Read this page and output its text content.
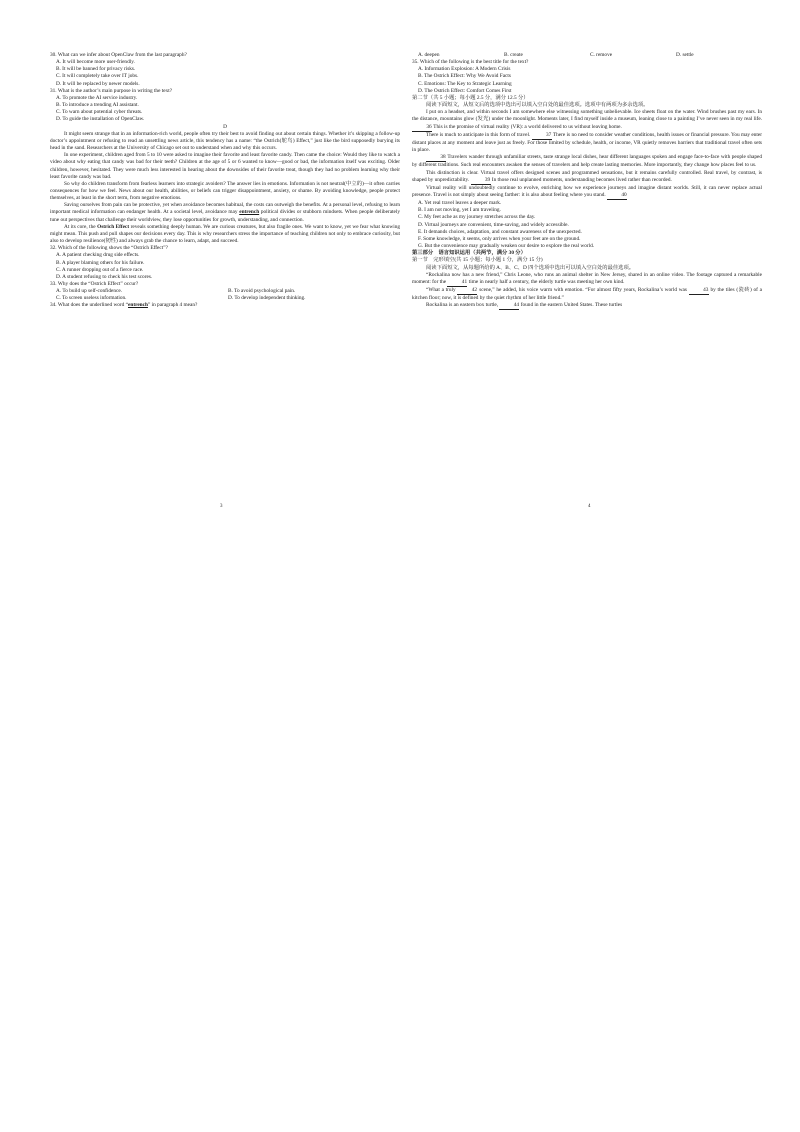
30. What can we infer about OpenClaw from the last paragraph?

A. It will become more user-friendly.

B. It will be banned for privacy risks.

C. It will completely take over IT jobs.

D. It will be replaced by newer models.

31. What is the author’s main purpose in writing the text?

A. To promote the AI service industry.

B. To introduce a trending AI assistant.

C. To warn about potential cyber threats.

D. To guide the installation of OpenClaw.

D

It might seem strange that in an information-rich world, people often try their best to avoid finding out about certain things. Whether it’s skipping a follow-up doctor’s appointment or refusing to read an unsettling news article, this tendency has a name: “the Ostrich(鸵鸟) Effect,” just like the bird supposedly burying its head in the sand. Researchers at the University of Chicago set out to understand when and why this occurs.

In one experiment, children aged from 5 to 10 were asked to imagine their favorite and least favorite candy. Then came the choice: Would they like to watch a video about why eating that candy was bad for their teeth? Children at the age of 5 or 6 wanted to know—good or bad, the information itself was exciting. Older children, however, hesitated. They were much less interested in hearing about the downsides of their favorite treat, though they had no problem learning why their least favorite candy was bad.

So why do children transform from fearless learners into strategic avoiders? The answer lies in emotions. Information is not neutral(中立的)—it often carries consequences for how we feel. News about our health, abilities, or beliefs can trigger disappointment, anxiety, or shame. By avoiding knowledge, people protect themselves, at least in the short term, from negative emotions.

Saving ourselves from pain can be protective, yet when avoidance becomes habitual, the costs can outweigh the benefits. At a personal level, refusing to learn important medical information can endanger health. At a societal level, avoidance may entrench political divides or stubborn mindsets. When people deliberately tune out perspectives that challenge their worldview, they lose opportunities for growth, understanding, and connection.

At its core, the Ostrich Effect reveals something deeply human. We are curious creatures, but also fragile ones. We want to know, yet we fear what knowing might mean. This push and pull shapes our decisions every day. This is why researchers stress the importance of teaching children not only to embrace curiosity, but also to develop resilience(韧性) and always grab the chance to learn, adapt, and succeed.

32. Which of the following shows the “Ostrich Effect”?

A. A patient checking drug side effects.

B. A player blaming others for his failure.

C. A runner dropping out of a fierce race.

D. A student refusing to check his test scores.

33. Why does the “Ostrich Effect” occur?

A. To build up self-confidence.	B. To avoid psychological pain.
C. To screen useless information.	D. To develop independent thinking.

34. What does the underlined word “entrench” in paragraph 4 mean?

3
A. deepen	B. create	C. remove	D. settle

35. Which of the following is the best title for the text?

A. Information Explosion: A Modern Crisis

B. The Ostrich Effect: Why We Avoid Facts

C. Emotions: The Key to Strategic Learning

D. The Ostrich Effect: Comfort Comes First

第二节（共 5 小题；每小题 2.5 分，满分 12.5 分）

阅读下面短文，从短文后的选项中选出可以填入空白处的最佳选项。选项中有两项为多余选项。

I put on a headset, and within seconds I am somewhere else witnessing something unbelievable. Ice sheets float on the water. Wind brushes past my ears. In the distance, mountains glow (发光) under the moonlight. Moments later, I find myself inside a museum, leaning close to a painting I’ve never seen in my real life. 36 This is the promise of virtual reality (VR): a world delivered to us without leaving home.

There is much to anticipate in this form of travel.	37 There is no need to consider weather conditions, health issues or financial pressure. You may enter distant places at any moment and leave just as freely. For those limited by schedule, health, or income, VR quietly removes barriers that traditional travel often sets in place.

38 Travelers wander through unfamiliar streets, taste strange local dishes, hear different languages spoken and engage face-to-face with people shaped by different traditions. Such real encounters awaken the senses of travelers and help create lasting memories. More importantly, they change how places feel to us.

This distinction is clear. Virtual travel offers designed scenes and programmed sensations, but it remains carefully controlled. Real travel, by contrast, is shaped by unpredictability.	39 In those real unplanned moments, understanding becomes lived rather than recorded.

Virtual reality will undoubtedly continue to evolve, enriching how we experience journeys and imagine distant worlds. Still, it can never replace actual presence. Travel is not simply about seeing farther: it is also about feeling where you stand.	40

A. Yet real travel leaves a deeper mark.

B. I am not moving, yet I am traveling.

C. My feet ache as my journey stretches across the day.

D. Virtual journeys are convenient, time-saving, and widely accessible.

E. It demands choices, adaptation, and constant awareness of the unexpected.

F. Some knowledge, it seems, only arrives when your feet are on the ground.

G. But the convenience may gradually weaken our desire to explore the real world.

第三部分　语言知识运用（共两节，满分 30 分）

第一节　完形填空(共 15 小题；每小题 1 分，满分 15 分)

阅读下面短文，从每题所给的 A、B、C、D 四个选项中选出可以填入空白处的最佳选项。

“Rockalina now has a new friend,” Chris Leone, who runs an animal shelter in New Jersey, shared in an online video. The footage captured a remarkable moment: for the	41 time in nearly half a century, the elderly turtle was meeting her own kind.

“What a truly	42 scene,” he added, his voice warm with emotion. “For almost fifty years, Rockalina’s world was	43 by the tiles (瓷砖) of a kitchen floor; now, it is defined by the quiet rhythm of her little friend.”

Rockalina is an eastern box turtle,	44 found in the eastern United States. These turtles

4
